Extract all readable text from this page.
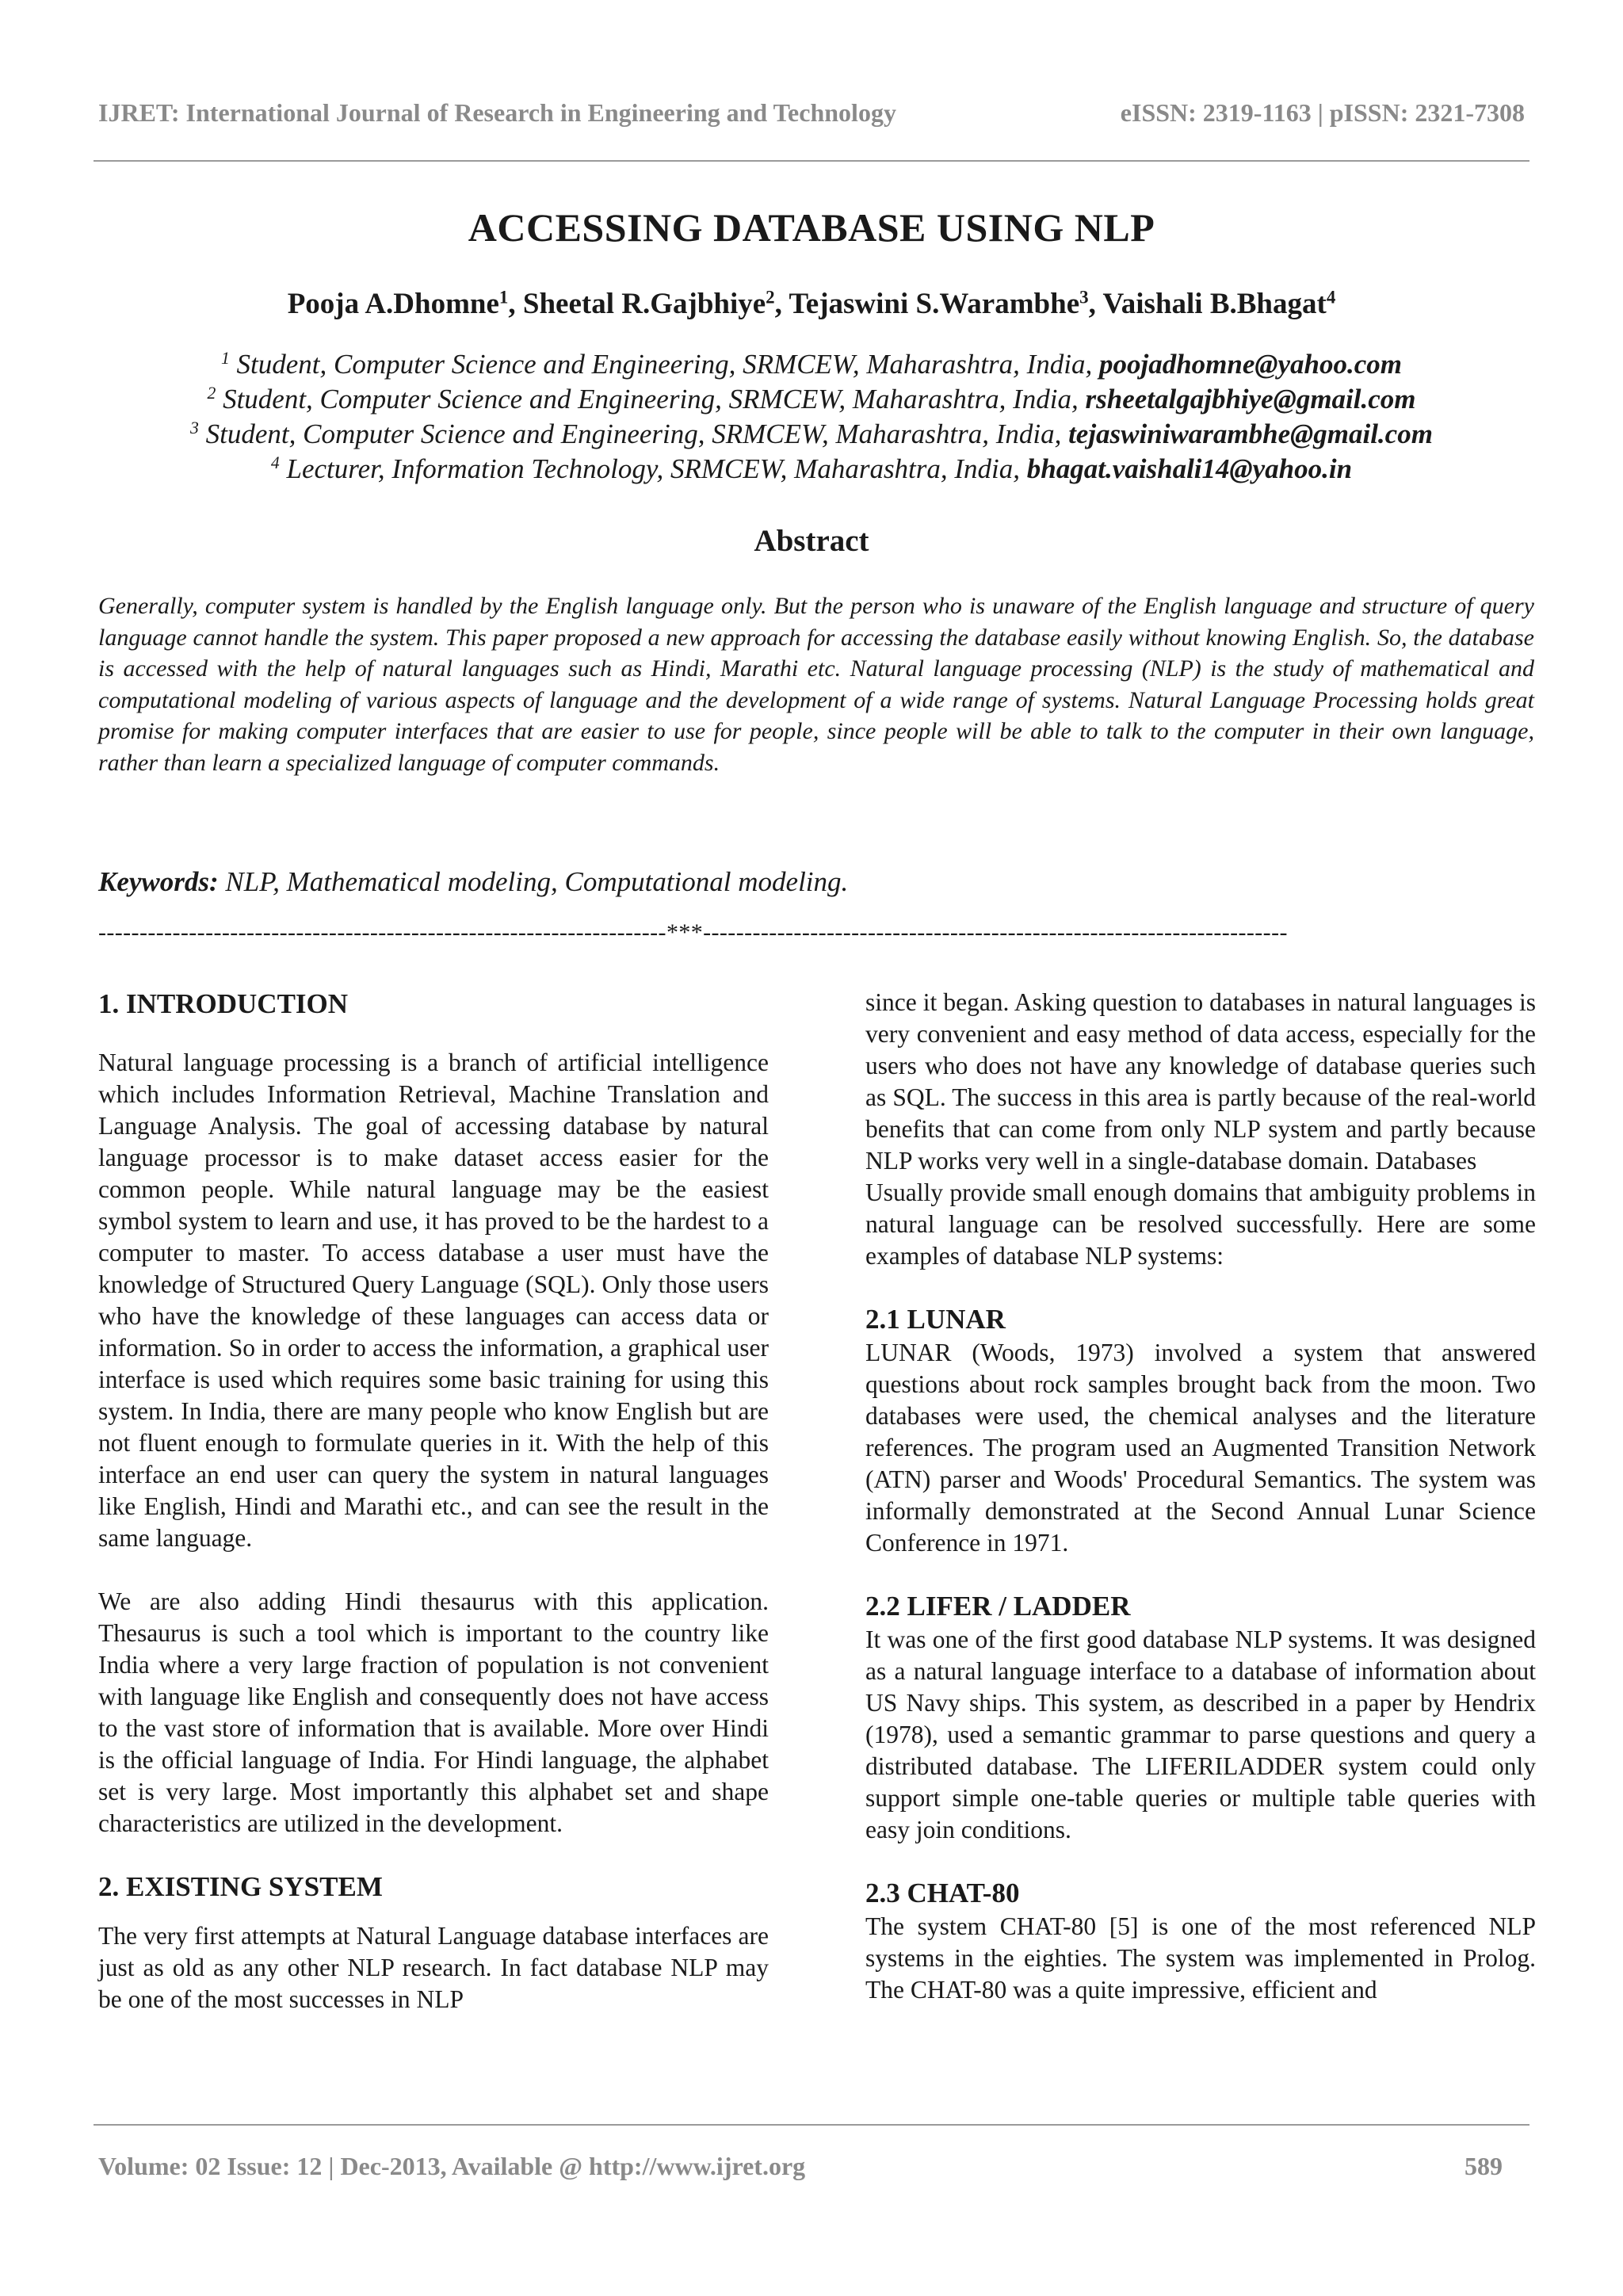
IJRET: International Journal of Research in Engineering and Technology	eISSN: 2319-1163 | pISSN: 2321-7308
ACCESSING DATABASE USING NLP
Pooja A.Dhomne$^1$, Sheetal R.Gajbhiye$^2$, Tejaswini S.Warambhe$^3$, Vaishali B.Bhagat$^4$
$^1$ Student, Computer Science and Engineering, SRMCEW, Maharashtra, India, poojadhomne@yahoo.com
$^2$ Student, Computer Science and Engineering, SRMCEW, Maharashtra, India, rsheetalgajbhiye@gmail.com
$^3$ Student, Computer Science and Engineering, SRMCEW, Maharashtra, India, tejaswiniwarambhe@gmail.com
$^4$ Lecturer, Information Technology, SRMCEW, Maharashtra, India, bhagat.vaishali14@yahoo.in
Abstract
Generally, computer system is handled by the English language only. But the person who is unaware of the English language and structure of query language cannot handle the system. This paper proposed a new approach for accessing the database easily without knowing English. So, the database is accessed with the help of natural languages such as Hindi, Marathi etc. Natural language processing (NLP) is the study of mathematical and computational modeling of various aspects of language and the development of a wide range of systems. Natural Language Processing holds great promise for making computer interfaces that are easier to use for people, since people will be able to talk to the computer in their own language, rather than learn a specialized language of computer commands.
Keywords: NLP, Mathematical modeling, Computational modeling.
---------------------------------------------------------------------***-----------------------------------------------------------------------
1. INTRODUCTION

Natural language processing is a branch of artificial intelligence which includes Information Retrieval, Machine Translation and Language Analysis. The goal of accessing database by natural language processor is to make dataset access easier for the common people. While natural language may be the easiest symbol system to learn and use, it has proved to be the hardest to a computer to master. To access database a user must have the knowledge of Structured Query Language (SQL). Only those users who have the knowledge of these languages can access data or information. So in order to access the information, a graphical user interface is used which requires some basic training for using this system. In India, there are many people who know English but are not fluent enough to formulate queries in it. With the help of this interface an end user can query the system in natural languages like English, Hindi and Marathi etc., and can see the result in the same language.

We are also adding Hindi thesaurus with this application. Thesaurus is such a tool which is important to the country like India where a very large fraction of population is not convenient with language like English and consequently does not have access to the vast store of information that is available. More over Hindi is the official language of India. For Hindi language, the alphabet set is very large. Most importantly this alphabet set and shape characteristics are utilized in the development.

2. EXISTING SYSTEM

The very first attempts at Natural Language database interfaces are just as old as any other NLP research. In fact database NLP may be one of the most successes in NLP

since it began. Asking question to databases in natural languages is very convenient and easy method of data access, especially for the users who does not have any knowledge of database queries such as SQL. The success in this area is partly because of the real-world benefits that can come from only NLP system and partly because NLP works very well in a single-database domain. Databases

Usually provide small enough domains that ambiguity problems in natural language can be resolved successfully. Here are some examples of database NLP systems:

2.1 LUNAR

LUNAR (Woods, 1973) involved a system that answered questions about rock samples brought back from the moon. Two databases were used, the chemical analyses and the literature references. The program used an Augmented Transition Network (ATN) parser and Woods' Procedural Semantics. The system was informally demonstrated at the Second Annual Lunar Science Conference in 1971.

2.2 LIFER / LADDER

It was one of the first good database NLP systems. It was designed as a natural language interface to a database of information about US Navy ships. This system, as described in a paper by Hendrix (1978), used a semantic grammar to parse questions and query a distributed database. The LIFERILADDER system could only support simple one-table queries or multiple table queries with easy join conditions.

2.3 CHAT-80

The system CHAT-80 [5] is one of the most referenced NLP systems in the eighties. The system was implemented in Prolog. The CHAT-80 was a quite impressive, efficient and

Volume: 02 Issue: 12 | Dec-2013, Available @ http://www.ijret.org	589
